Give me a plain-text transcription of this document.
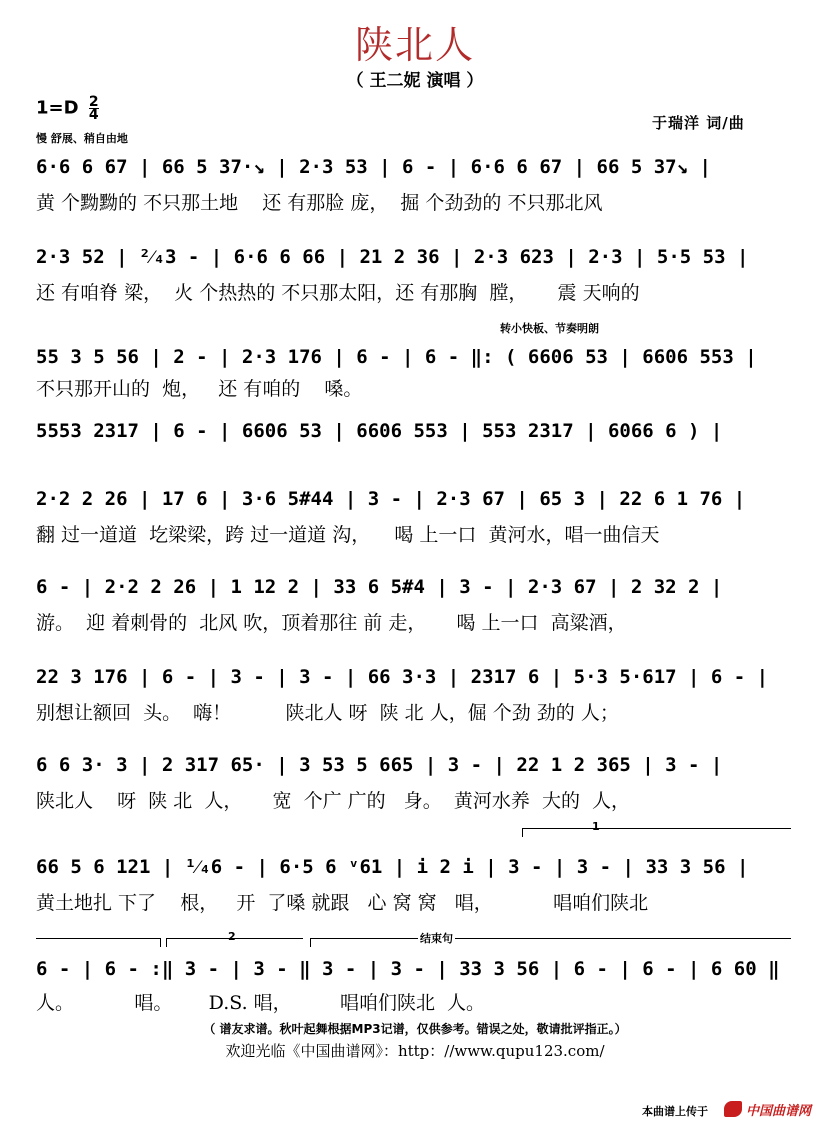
陕北人
（ 王二妮 演唱 ）
$1=D \frac{2}{4}$
慢 舒展、稍自由地
于瑞洋 词/曲
转小快板、节奏明朗
6·6 6 67 | 66 5 37·↘ | 2·3 53 | 6 - | 6·6 6 67 | 66 5 37↘ |
黄 个黝黝的 不只那土地    还 有那脸 庞，  掘 个劲劲的 不只那北风
2·3 52 | ²⁄₄3 - | 6·6 6 66 | 21 2 36 | 2·3 623 | 2·3 | 5·5 53 |
还 有咱脊 梁，  火 个热热的 不只那太阳，还 有那胸  膛，     震 天响的
55 3 5 56 | 2 - | 2·3 176 | 6 - | 6 - ‖: ( 6606 53 | 6606 553 |
不只那开山的  炮，   还 有咱的    嗓。
5553 2317 | 6 - | 6606 53 | 6606 553 | 553 2317 | 6066 6 ) |
2·2 2 26 | 17 6 | 3·6 5#44 | 3 - | 2·3 67 | 65 3 | 22 6 1 76 |
翻 过一道道  圪梁梁，跨 过一道道 沟，    喝 上一口  黄河水，唱一曲信天
6 - | 2·2 2 26 | 1 12 2 | 33 6 5#4 | 3 - | 2·3 67 | 2 32 2 |
游。  迎 着刺骨的  北风 吹，顶着那往 前 走，     喝 上一口  高粱酒，
22 3 176 | 6 - | 3 - | 3 - | 66 3·3 | 2317 6 | 5·3 5·617 | 6 - |
别想让额回  头。  嗨！         陕北人 呀  陕 北 人，倔 个劲 劲的 人；
6 6 3· 3 | 2 317 65· | 3 53 5 665 | 3 - | 22 1 2 365 | 3 - |
陕北人    呀  陕 北  人，     宽  个广 广的   身。  黄河水养  大的  人，
1
66 5 6 121 | ¹⁄₄6 - | 6·5 6 ᵛ61 | i 2 i | 3 - | 3 - | 33 3 56 |
黄土地扎 下了    根，   开  了嗓 就跟   心 窝 窝   唱，          唱咱们陕北
2	结束句
6 - | 6 - :‖ 3 - | 3 - ‖ 3 - | 3 - | 33 3 56 | 6 - | 6 - | 6 60 ‖
人。          唱。      D.S. 唱，        唱咱们陕北  人。
（ 谱友求谱。秋叶起舞根据MP3记谱，仅供参考。错误之处，敬请批评指正。）
欢迎光临《中国曲谱网》：http：//www.qupu123.com/
本曲谱上传于	中国曲谱网
